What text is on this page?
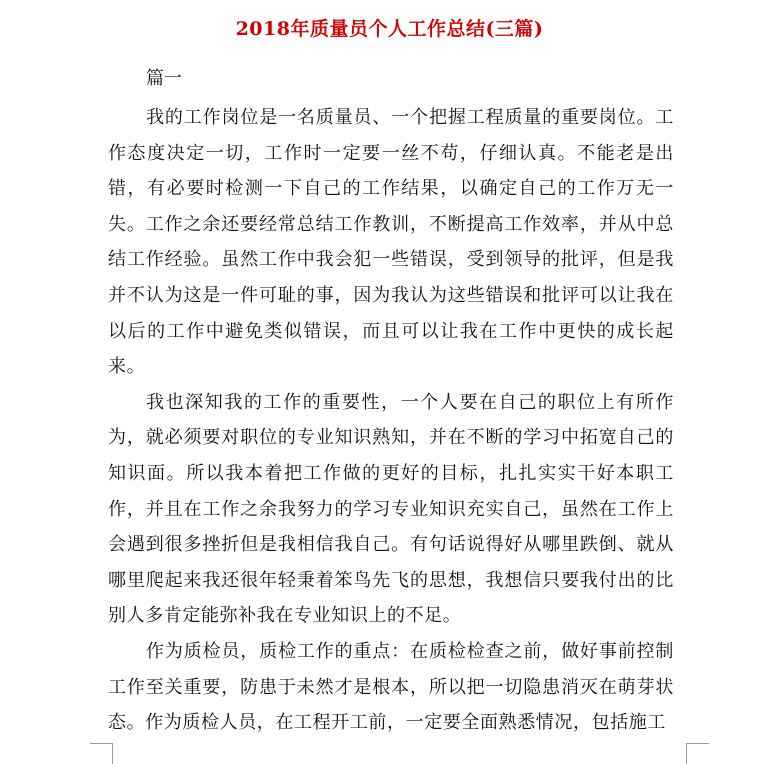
2018年质量员个人工作总结(三篇)
篇一

我的工作岗位是一名质量员、一个把握工程质量的重要岗位。工作态度决定一切，工作时一定要一丝不苟，仔细认真。不能老是出错，有必要时检测一下自己的工作结果，以确定自己的工作万无一失。工作之余还要经常总结工作教训，不断提高工作效率，并从中总结工作经验。虽然工作中我会犯一些错误，受到领导的批评，但是我并不认为这是一件可耻的事，因为我认为这些错误和批评可以让我在以后的工作中避免类似错误，而且可以让我在工作中更快的成长起来。

我也深知我的工作的重要性，一个人要在自己的职位上有所作为，就必须要对职位的专业知识熟知，并在不断的学习中拓宽自己的知识面。所以我本着把工作做的更好的目标，扎扎实实干好本职工作，并且在工作之余我努力的学习专业知识充实自己，虽然在工作上会遇到很多挫折但是我相信我自己。有句话说得好从哪里跌倒、就从哪里爬起来我还很年轻秉着笨鸟先飞的思想，我想信只要我付出的比别人多肯定能弥补我在专业知识上的不足。

作为质检员，质检工作的重点：在质检检查之前，做好事前控制工作至关重要，防患于未然才是根本，所以把一切隐患消灭在萌芽状态。作为质检人员，在工程开工前，一定要全面熟悉情况，包括施工
